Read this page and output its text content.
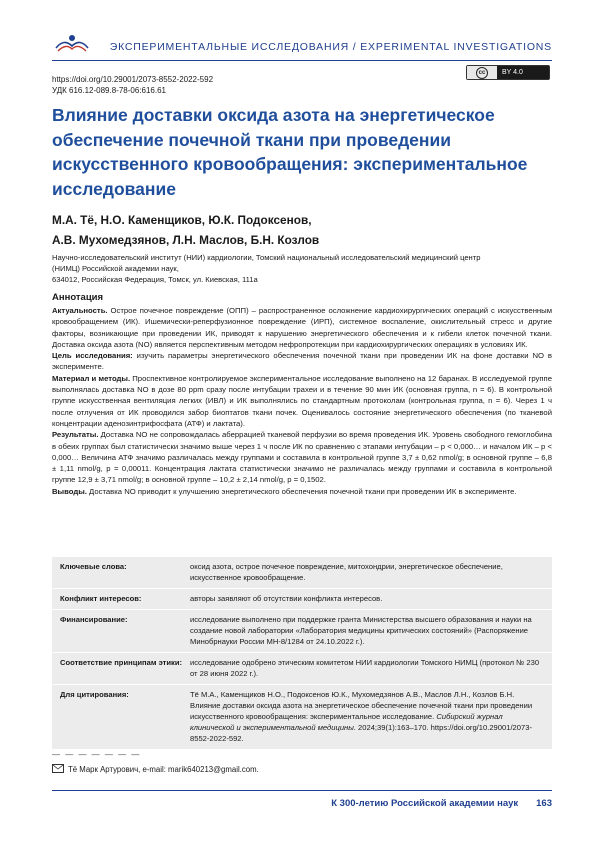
ЭКСПЕРИМЕНТАЛЬНЫЕ ИССЛЕДОВАНИЯ / EXPERIMENTAL INVESTIGATIONS
https://doi.org/10.29001/2073-8552-2022-592
УДК 616.12-089.8-78-06:616.61
cc	BY 4.0
Влияние доставки оксида азота на энергетическое обеспечение почечной ткани при проведении искусственного кровообращения: экспериментальное исследование
М.А. Тё, Н.О. Каменщиков, Ю.К. Подоксенов,
А.В. Мухомедзянов, Л.Н. Маслов, Б.Н. Козлов
Научно-исследовательский институт (НИИ) кардиологии, Томский национальный исследовательский медицинский центр
(НИМЦ) Российской академии наук,
634012, Российская Федерация, Томск, ул. Киевская, 111а
Аннотация

Актуальность. Острое почечное повреждение (ОПП) – распространенное осложнение кардиохирургических операций с искусственным кровообращением (ИК). Ишемически-реперфузионное повреждение (ИРП), системное воспаление, окислительный стресс и другие факторы, возникающие при проведении ИК, приводят к нарушению энергетического обеспечения и к гибели клеток почечной ткани. Доставка оксида азота (NO) является перспективным методом нефропротекции при кардиохирургических операциях в условиях ИК.

Цель исследования: изучить параметры энергетического обеспечения почечной ткани при проведении ИК на фоне доставки NO в эксперименте.

Материал и методы. Проспективное контролируемое экспериментальное исследование выполнено на 12 баранах. В исследуемой группе выполнялась доставка NO в дозе 80 ppm сразу после интубации трахеи и в течение 90 мин ИК (основная группа, n = 6). В контрольной группе искусственная вентиляция легких (ИВЛ) и ИК выполнялись по стандартным протоколам (контрольная группа, n = 6). Через 1 ч после отлучения от ИК проводился забор биоптатов ткани почек. Оценивалось состояние энергетического обеспечения (по тканевой концентрации аденозинтрифосфата (АТФ) и лактата).

Результаты. Доставка NO не сопровождалась аберрацией тканевой перфузии во время проведения ИК. Уровень свободного гемоглобина в обеих группах был статистически значимо выше через 1 ч после ИК по сравнению с этапами интубации – p < 0,000… и началом ИК – p < 0,000… Величина АТФ значимо различалась между группами и составила в контрольной группе 3,7 ± 0,62 nmol/g; в основной группе – 6,8 ± 1,11 nmol/g, p = 0,00011. Концентрация лактата статистически значимо не различалась между группами и составила в контрольной группе 12,9 ± 3,71 nmol/g; в основной группе – 10,2 ± 2,14 nmol/g, p = 0,1502.

Выводы. Доставка NO приводит к улучшению энергетического обеспечения почечной ткани при проведении ИК в эксперименте.

Ключевые слова:	оксид азота, острое почечное повреждение, митохондрии, энергетическое обеспечение, искусственное кровообращение.
Конфликт интересов:	авторы заявляют об отсутствии конфликта интересов.
Финансирование:	исследование выполнено при поддержке гранта Министерства высшего образования и науки на создание новой лаборатории «Лаборатория медицины критических состояний» (Распоряжение Минобрнауки России МН-8/1284 от 24.10.2022 г.).
Соответствие принципам этики:	исследование одобрено этическим комитетом НИИ кардиологии Томского НИМЦ (протокол № 230 от 28 июня 2022 г.).
Для цитирования:	Тё М.А., Каменщиков Н.О., Подоксенов Ю.К., Мухомедзянов А.В., Маслов Л.Н., Козлов Б.Н. Влияние доставки оксида азота на энергетическое обеспечение почечной ткани при проведении искусственного кровообращения: экспериментальное исследование. Сибирский журнал клинической и экспериментальной медицины. 2024;39(1):163–170. https://doi.org/10.29001/2073-8552-2022-592.
— — — — — — —
Тё Марк Артурович, e-mail: marik640213@gmail.com.
К 300-летию Российской академии наук 163
